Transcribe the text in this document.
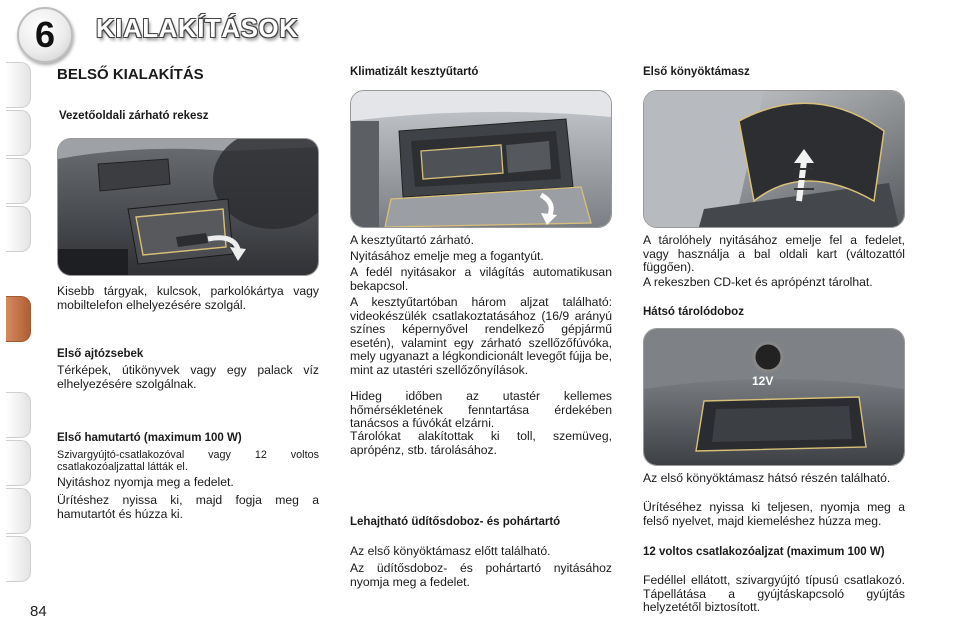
6 KIALAKÍTÁSOK
84
BELSŐ KIALAKÍTÁS
Vezetőoldali zárható rekesz

Kisebb tárgyak, kulcsok, parkolókártya vagy mobiltelefon elhelyezésére szolgál.

Első ajtózsebek

Térképek, útikönyvek vagy egy palack víz elhelyezésére szolgálnak.

Első hamutartó (maximum 100 W)

Szivargyújtó-csatlakozóval vagy 12 voltos csatlakozóaljzattal látták el.

Nyitáshoz nyomja meg a fedelet.

Ürítéshez nyissa ki, majd fogja meg a hamutartót és húzza ki.

Klimatizált kesztyűtartó

A kesztyűtartó zárható.

Nyitásához emelje meg a fogantyút.

A fedél nyitásakor a világítás automatikusan bekapcsol.

A kesztyűtartóban három aljzat található: videokészülék csatlakoztatásához (16/9 arányú színes képernyővel rendelkező gépjármű esetén), valamint egy zárható szellőzőfúvóka, mely ugyanazt a légkondicionált levegőt fújja be, mint az utastéri szellőzőnyílások.

Hideg időben az utastér kellemes hőmérsékletének fenntartása érdekében tanácsos a fúvókát elzárni.

Tárolókat alakítottak ki toll, szemüveg, aprópénz, stb. tárolásához.

Lehajtható üdítősdoboz- és pohártartó

Az első könyöktámasz előtt található.

Az üdítősdoboz- és pohártartó nyitásához nyomja meg a fedelet.

Első könyöktámasz

A tárolóhely nyitásához emelje fel a fedelet, vagy használja a bal oldali kart (változattól függően).

A rekeszben CD-ket és aprópénzt tárolhat.

Hátsó tárolódoboz
12V

Az első könyöktámasz hátsó részén található.

Ürítéséhez nyissa ki teljesen, nyomja meg a felső nyelvet, majd kiemeléshez húzza meg.

12 voltos csatlakozóaljzat (maximum 100 W)

Fedéllel ellátott, szivargyújtó típusú csatlakozó. Tápellátása a gyújtáskapcsoló gyújtás helyzetétől biztosított.
